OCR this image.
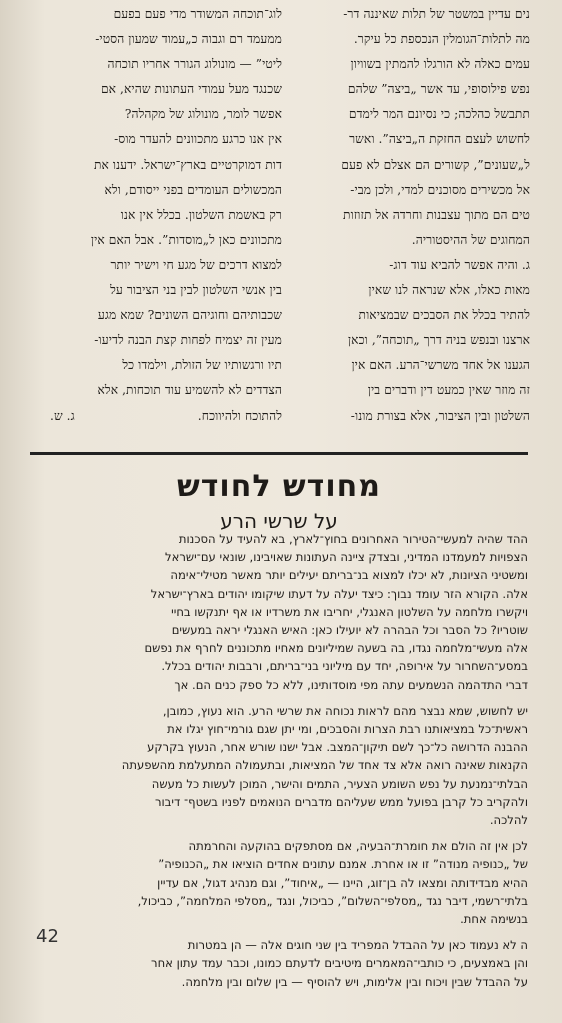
נים עדיין במשטר של תלות שאיננה דר-
מה לתלות־הגומלין הנכספת כל עיקר.
עמים כאלה לא הורגלו להמתין בשוויון
נפש פילוסופי, עד אשר „ביצה” שלהם
תתבשל כהלכה; כי נסיונם המר לימדם
לחשוש לעצם החזקת ה„ביצה”. ואשר
ל„שעונים”, קשורים הם אצלם לא פעם
אל מכשירים מסוכנים למדי, ולכן מבי-
טים הם מתוך עצבנות וחרדה אל תזוזות
המחוגים של ההיסטוריה.
ג. והיה אפשר להביא עוד דוג-
מאות כאלו, אלא שנראה לנו שאין
להתיר בכלל את הסבכים שבמציאות
ארצנו ובנפש בניה דרך „תוכחה”, וכאן
הגענו אל אחד משרשי־הרע. האם אין
זה מוזר שאין כמעט דין ודברים בין
השלטון ובין הציבור, אלא בצורת מונו-
לוג־תוכחה המשודר מדי פעם בפעם
ממעמד רם וגבוה כ„עמוד שמעון הסטי-
ליטי” — מונולוג הגורר אחריו תוכחה
שכנגד מעל עמודי העתונות שהיא, אם
אפשר לומר, מונולוג של מקהלה?
אין אנו כרגע מתכוונים להעדר מוס-
דות דמוקרטיים בארץ־ישראל. ידענו את
המכשולים העומדים בפני ייסודם, ולא
רק באשמת השלטון. בכלל אין אנו
מתכוונים כאן ל„מוסדות”. אבל האם אין
למצוא דרכים של מגע חי וישיר יותר
בין אנשי השלטון לבין בני הציבור על
שכבותיהם וחוגיהם השונים? שמא מגע
מעין זה יצמיח לפחות קצת הבנה לדיעו-
תיו ורגשותיו של הזולת, וילמדו כל
הצדדים לא להשמיע עוד תוכחות, אלא
להתוכח ולהיווכח.
ג. ש.
מחודש לחודש
על שרשי הרע
ההד שהיה למעשי־הטירור האחרונים בחוץ־לארץ, בא להעיד על הסכנות
הצפויות למעמדנו המדיני, ובצדק ציינה העתונות שאויבינו, שונאי עם־ישראל
ומשטיני הציונות, לא יכלו למצוא בנ־בריתם יעילים יותר מאשר מטילי־אימה
אלה. הקורא הזר עומד נבוך: כיצד יעלה על דעתו שיקומו יהודים בארץ־ישראל
ויקשרו מלחמה על השלטון האנגלי, יחריבו את משרדיו או אף יתנקשו בחיי
שוטריו? כל הסבר וכל הבהרה לא יועילו כאן: האיש האנגלי יראה במעשים
אלה מעשי־מלחמה נגדו, בה בשעה שמיליונים מאחיו מתכוננים לחרף את נפשם
במסע־השחרור על אירופה, יחד עם מיליוני בני־בריתם, ורבבות יהודים בכלל.
דברי התדהמה הנשמעים עתה מפי מוסדותינו, ללא כל ספק כנים הם. אך
יש לחשוש, שמא נבצר מהם לראות נכוחה את שרשי הרע. הוא נעוץ, כמובן,
ראשית־כל במציאותנו רבת הצרות והסבכים, ומי יתן שגם גורמי־חוץ יגלו את
ההבנה הדרושה כל־כך לשם תיקון־המצב. אבל ישנו שורש אחר, הנעוץ בקרקע
הקנאות שאינה רואה אלא צד אחד של המציאות, ובתעמולה המתעלמת מהשפעתה
הבלתי־נמנעת על נפש השומע הצעיר, התמים והישר, המוכן לעשות כל מעשה
ולהקריב כל קרבן בפועל ממש שעליהם מדברים הנואמים לפניו בשטף־ דיבור
להלכה.
לכן אין זה הולם את חומרת־הבעיה, אם מסתפקים בהוקעה והחרמתה
של „כנופיה מנודה” זו או אחרת. אמנם עתונים אחדים הוציאו את „הכנופיה”
ההיא מבדידותה ומצאו לה בן־זוג, היינו — „איחוד”, וגם מנהיג דגול, אם עדיין
בלתי־רשמי, דיבר נגד „מסלפי־השלום”, כביכול, ונגד „מסלפי המלחמה”, כביכול,
בנשימה אחת.
ה לא נעמוד כאן על ההבדל המפריד בין שני חוגים אלה — הן במטרות
והן באמצעים, כי כותבי־המאמרים מיטיבים לדעתם כמונו, וכבר עמד עתון אחר
על ההבדל שבין ויכוח ובין אלימות, ויש להוסיף — בין שלום ובין מלחמה.
42
